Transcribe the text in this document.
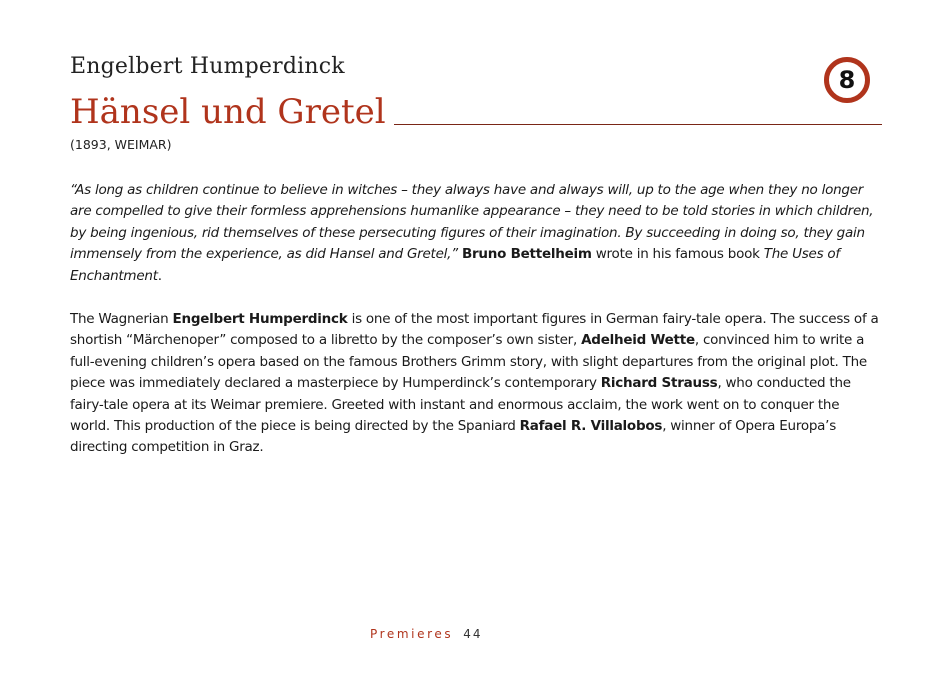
Engelbert Humperdinck
Hänsel und Gretel
8
(1893, WEIMAR)
“As long as children continue to believe in witches – they always have and always will, up to the age when they no longer are compelled to give their formless apprehensions humanlike appearance – they need to be told stories in which children, by being ingenious, rid themselves of these persecuting figures of their imagination. By succeeding in doing so, they gain immensely from the experience, as did Hansel and Gretel,” Bruno Bettelheim wrote in his famous book The Uses of Enchantment.
The Wagnerian Engelbert Humperdinck is one of the most important figures in German fairy-tale opera. The success of a shortish “Märchenoper” composed to a libretto by the composer’s own sister, Adelheid Wette, convinced him to write a full-evening children’s opera based on the famous Brothers Grimm story, with slight departures from the original plot. The piece was immediately declared a masterpiece by Humperdinck’s contemporary Richard Strauss, who conducted the fairy-tale opera at its Weimar premiere. Greeted with instant and enormous acclaim, the work went on to conquer the world. This production of the piece is being directed by the Spaniard Rafael R. Villalobos, winner of Opera Europa’s directing competition in Graz.
Premieres 44
